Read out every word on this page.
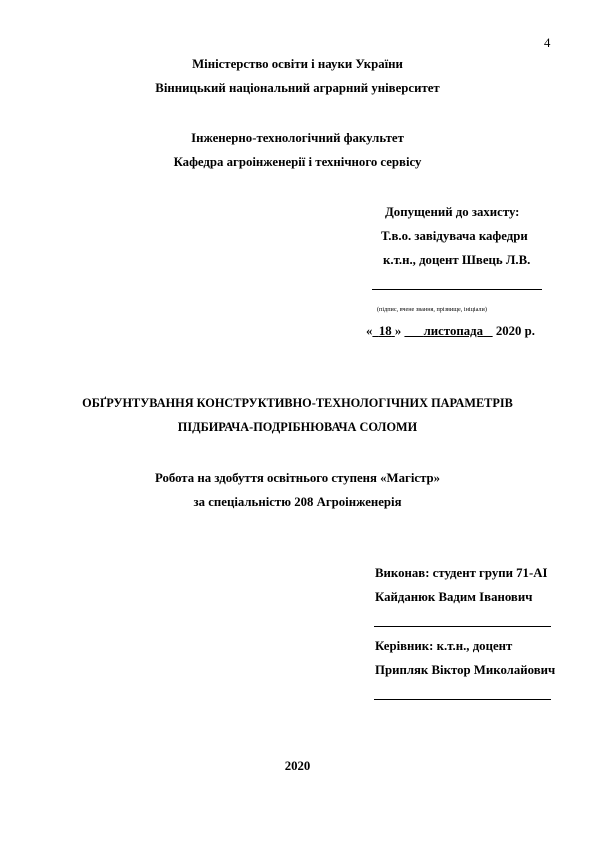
4
Міністерство освіти і науки України
Вінницький національний аграрний університет
Інженерно-технологічний факультет
Кафедра агроінженерії і технічного сервісу
Допущений до захисту:
Т.в.о. завідувача кафедри
к.т.н., доцент Швець Л.В.
(підпис, вчене звання, прізвище, ініціали)
« 18 » листопада 2020 р.
ОБҐРУНТУВАННЯ КОНСТРУКТИВНО-ТЕХНОЛОГІЧНИХ ПАРАМЕТРІВ
ПІДБИРАЧА-ПОДРІБНЮВАЧА СОЛОМИ
Робота на здобуття освітнього ступеня «Магістр»
за спеціальністю 208 Агроінженерія
Виконав: студент групи 71-АІ
Кайданюк Вадим Іванович
Керівник: к.т.н., доцент
Припляк Віктор Миколайович
2020
